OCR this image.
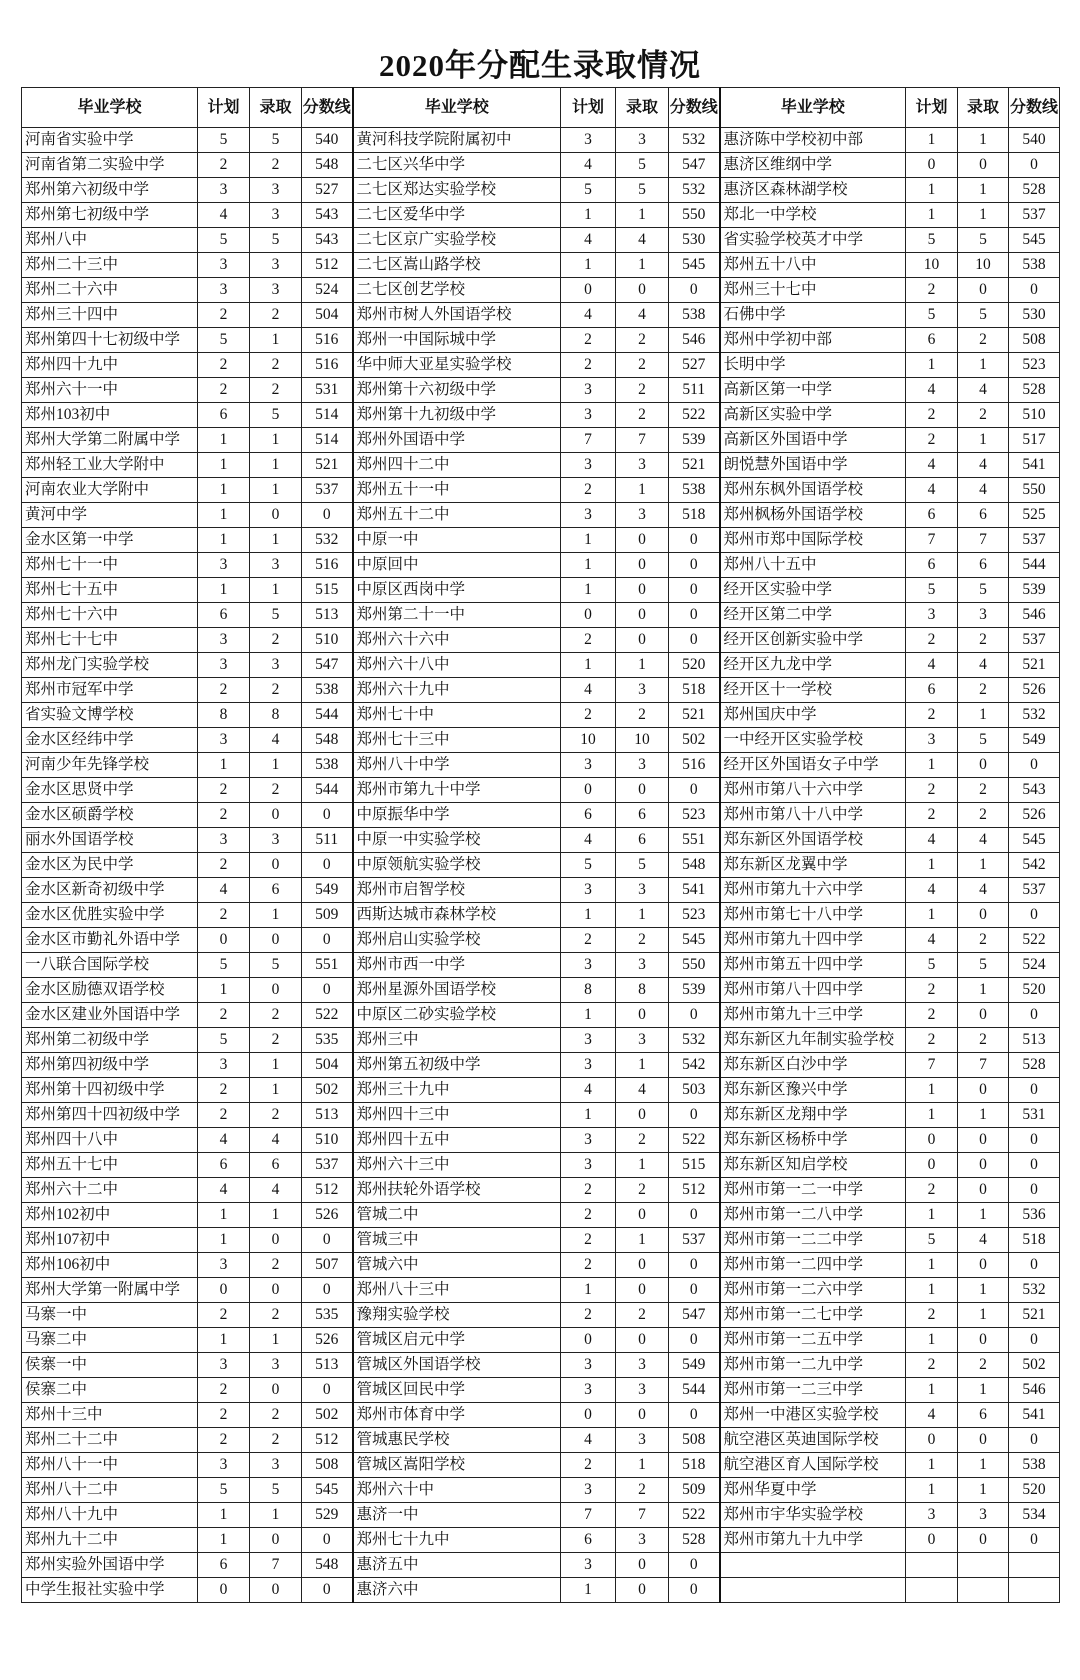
2020年分配生录取情况
毕业学校	计划	录取	分数线	毕业学校	计划	录取	分数线	毕业学校	计划	录取	分数线
河南省实验中学	5	5	540	黄河科技学院附属初中	3	3	532	惠济陈中学校初中部	1	1	540
河南省第二实验中学	2	2	548	二七区兴华中学	4	5	547	惠济区维纲中学	0	0	0
郑州第六初级中学	3	3	527	二七区郑达实验学校	5	5	532	惠济区森林湖学校	1	1	528
郑州第七初级中学	4	3	543	二七区爱华中学	1	1	550	郑北一中学校	1	1	537
郑州八中	5	5	543	二七区京广实验学校	4	4	530	省实验学校英才中学	5	5	545
郑州二十三中	3	3	512	二七区嵩山路学校	1	1	545	郑州五十八中	10	10	538
郑州二十六中	3	3	524	二七区创艺学校	0	0	0	郑州三十七中	2	0	0
郑州三十四中	2	2	504	郑州市树人外国语学校	4	4	538	石佛中学	5	5	530
郑州第四十七初级中学	5	1	516	郑州一中国际城中学	2	2	546	郑州中学初中部	6	2	508
郑州四十九中	2	2	516	华中师大亚星实验学校	2	2	527	长明中学	1	1	523
郑州六十一中	2	2	531	郑州第十六初级中学	3	2	511	高新区第一中学	4	4	528
郑州103初中	6	5	514	郑州第十九初级中学	3	2	522	高新区实验中学	2	2	510
郑州大学第二附属中学	1	1	514	郑州外国语中学	7	7	539	高新区外国语中学	2	1	517
郑州轻工业大学附中	1	1	521	郑州四十二中	3	3	521	朗悦慧外国语中学	4	4	541
河南农业大学附中	1	1	537	郑州五十一中	2	1	538	郑州东枫外国语学校	4	4	550
黄河中学	1	0	0	郑州五十二中	3	3	518	郑州枫杨外国语学校	6	6	525
金水区第一中学	1	1	532	中原一中	1	0	0	郑州市郑中国际学校	7	7	537
郑州七十一中	3	3	516	中原回中	1	0	0	郑州八十五中	6	6	544
郑州七十五中	1	1	515	中原区西岗中学	1	0	0	经开区实验中学	5	5	539
郑州七十六中	6	5	513	郑州第二十一中	0	0	0	经开区第二中学	3	3	546
郑州七十七中	3	2	510	郑州六十六中	2	0	0	经开区创新实验中学	2	2	537
郑州龙门实验学校	3	3	547	郑州六十八中	1	1	520	经开区九龙中学	4	4	521
郑州市冠军中学	2	2	538	郑州六十九中	4	3	518	经开区十一学校	6	2	526
省实验文博学校	8	8	544	郑州七十中	2	2	521	郑州国庆中学	2	1	532
金水区经纬中学	3	4	548	郑州七十三中	10	10	502	一中经开区实验学校	3	5	549
河南少年先锋学校	1	1	538	郑州八十中学	3	3	516	经开区外国语女子中学	1	0	0
金水区思贤中学	2	2	544	郑州市第九十中学	0	0	0	郑州市第八十六中学	2	2	543
金水区硕爵学校	2	0	0	中原振华中学	6	6	523	郑州市第八十八中学	2	2	526
丽水外国语学校	3	3	511	中原一中实验学校	4	6	551	郑东新区外国语学校	4	4	545
金水区为民中学	2	0	0	中原领航实验学校	5	5	548	郑东新区龙翼中学	1	1	542
金水区新奇初级中学	4	6	549	郑州市启智学校	3	3	541	郑州市第九十六中学	4	4	537
金水区优胜实验中学	2	1	509	西斯达城市森林学校	1	1	523	郑州市第七十八中学	1	0	0
金水区市勤礼外语中学	0	0	0	郑州启山实验学校	2	2	545	郑州市第九十四中学	4	2	522
一八联合国际学校	5	5	551	郑州市西一中学	3	3	550	郑州市第五十四中学	5	5	524
金水区励德双语学校	1	0	0	郑州星源外国语学校	8	8	539	郑州市第八十四中学	2	1	520
金水区建业外国语中学	2	2	522	中原区二砂实验学校	1	0	0	郑州市第九十三中学	2	0	0
郑州第二初级中学	5	2	535	郑州三中	3	3	532	郑东新区九年制实验学校	2	2	513
郑州第四初级中学	3	1	504	郑州第五初级中学	3	1	542	郑东新区白沙中学	7	7	528
郑州第十四初级中学	2	1	502	郑州三十九中	4	4	503	郑东新区豫兴中学	1	0	0
郑州第四十四初级中学	2	2	513	郑州四十三中	1	0	0	郑东新区龙翔中学	1	1	531
郑州四十八中	4	4	510	郑州四十五中	3	2	522	郑东新区杨桥中学	0	0	0
郑州五十七中	6	6	537	郑州六十三中	3	1	515	郑东新区知启学校	0	0	0
郑州六十二中	4	4	512	郑州扶轮外语学校	2	2	512	郑州市第一二一中学	2	0	0
郑州102初中	1	1	526	管城二中	2	0	0	郑州市第一二八中学	1	1	536
郑州107初中	1	0	0	管城三中	2	1	537	郑州市第一二二中学	5	4	518
郑州106初中	3	2	507	管城六中	2	0	0	郑州市第一二四中学	1	0	0
郑州大学第一附属中学	0	0	0	郑州八十三中	1	0	0	郑州市第一二六中学	1	1	532
马寨一中	2	2	535	豫翔实验学校	2	2	547	郑州市第一二七中学	2	1	521
马寨二中	1	1	526	管城区启元中学	0	0	0	郑州市第一二五中学	1	0	0
侯寨一中	3	3	513	管城区外国语学校	3	3	549	郑州市第一二九中学	2	2	502
侯寨二中	2	0	0	管城区回民中学	3	3	544	郑州市第一二三中学	1	1	546
郑州十三中	2	2	502	郑州市体育中学	0	0	0	郑州一中港区实验学校	4	6	541
郑州二十二中	2	2	512	管城惠民学校	4	3	508	航空港区英迪国际学校	0	0	0
郑州八十一中	3	3	508	管城区嵩阳学校	2	1	518	航空港区育人国际学校	1	1	538
郑州八十二中	5	5	545	郑州六十中	3	2	509	郑州华夏中学	1	1	520
郑州八十九中	1	1	529	惠济一中	7	7	522	郑州市宇华实验学校	3	3	534
郑州九十二中	1	0	0	郑州七十九中	6	3	528	郑州市第九十九中学	0	0	0
郑州实验外国语中学	6	7	548	惠济五中	3	0	0				
中学生报社实验中学	0	0	0	惠济六中	1	0	0				
